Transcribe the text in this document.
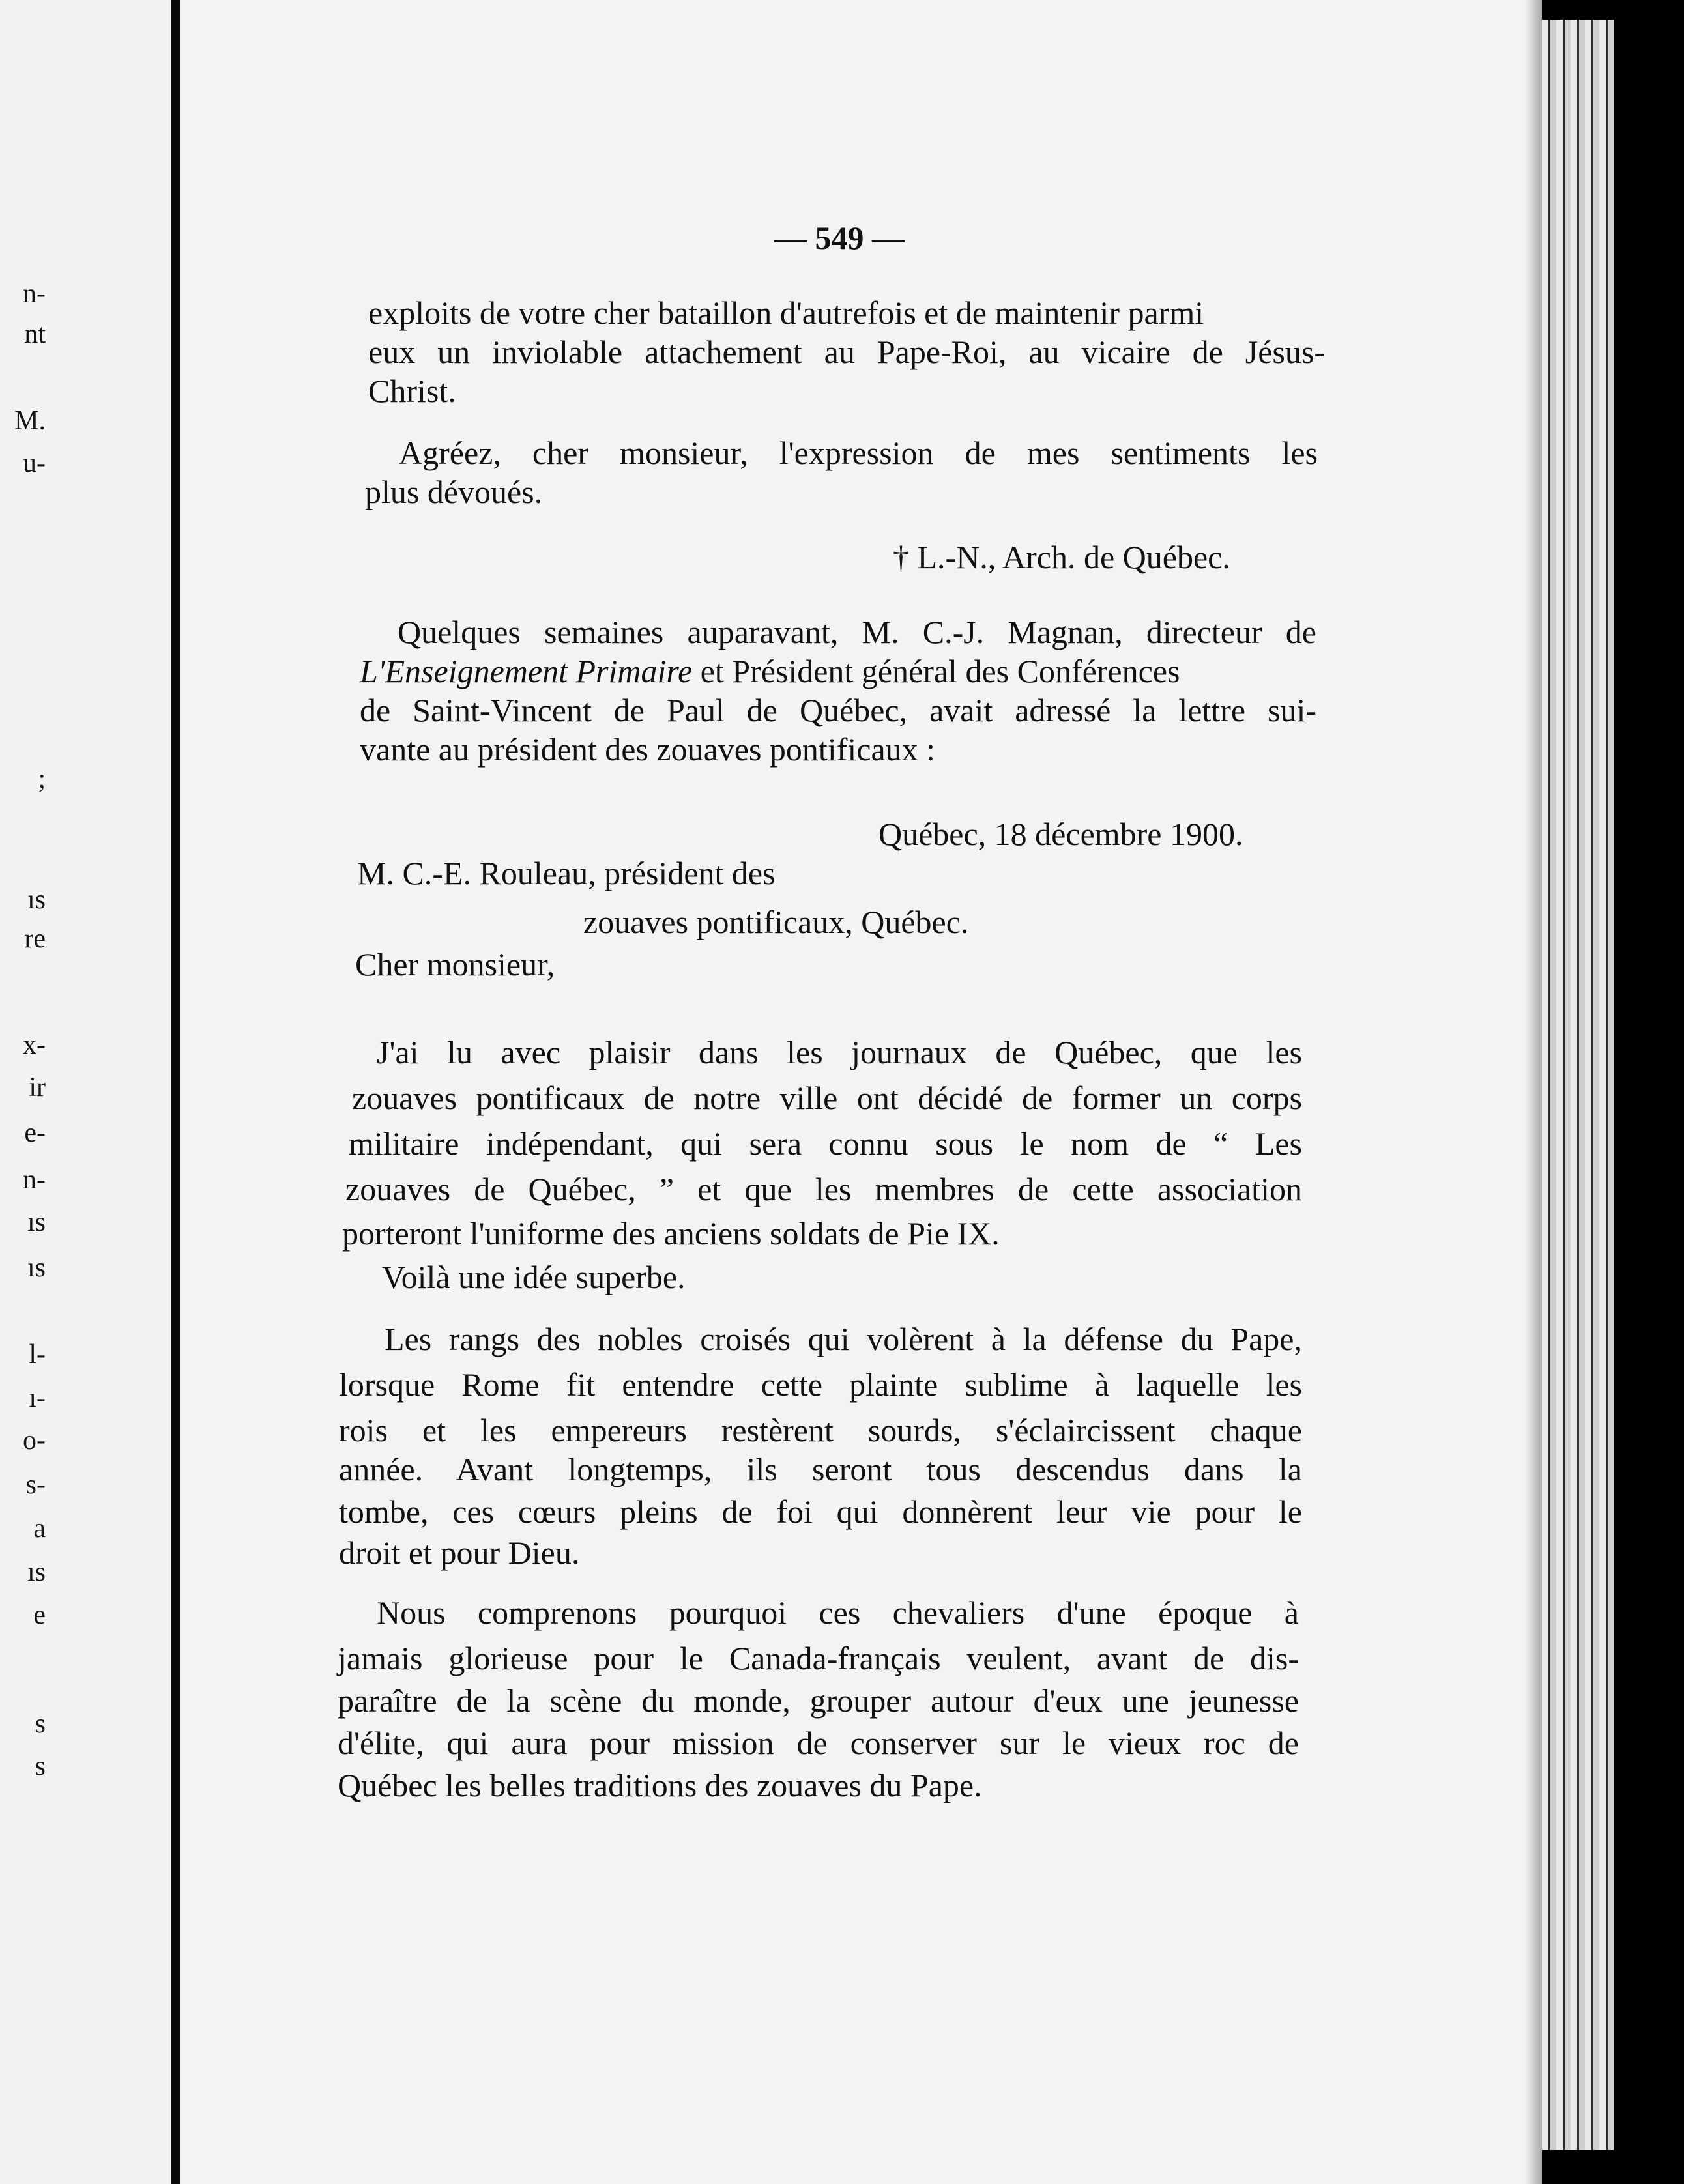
n-
nt
M.
u-
;
ıs
re
x-
ir
e-
n-
ıs
ıs
l-
ı-
o-
s-
a
ıs
e
s
s
— 549 —
exploits de votre cher bataillon d'autrefois et de maintenir parmi
eux un inviolable attachement au Pape-Roi, au vicaire de Jésus-
Christ.
Agréez, cher monsieur, l'expression de mes sentiments les
plus dévoués.
† L.-N., Arch. de Québec.
Quelques semaines auparavant, M. C.-J. Magnan, directeur de
L'Enseignement Primaire et Président général des Conférences
de Saint-Vincent de Paul de Québec, avait adressé la lettre sui-
vante au président des zouaves pontificaux :
Québec, 18 décembre 1900.
M. C.-E. Rouleau, président des
zouaves pontificaux, Québec.
Cher monsieur,
J'ai lu avec plaisir dans les journaux de Québec, que les
zouaves pontificaux de notre ville ont décidé de former un corps
militaire indépendant, qui sera connu sous le nom de “ Les
zouaves de Québec, ” et que les membres de cette association
porteront l'uniforme des anciens soldats de Pie IX.
Voilà une idée superbe.
Les rangs des nobles croisés qui volèrent à la défense du Pape,
lorsque Rome fit entendre cette plainte sublime à laquelle les
rois et les empereurs restèrent sourds, s'éclaircissent chaque
année. Avant longtemps, ils seront tous descendus dans la
tombe, ces cœurs pleins de foi qui donnèrent leur vie pour le
droit et pour Dieu.
Nous comprenons pourquoi ces chevaliers d'une époque à
jamais glorieuse pour le Canada-français veulent, avant de dis-
paraître de la scène du monde, grouper autour d'eux une jeunesse
d'élite, qui aura pour mission de conserver sur le vieux roc de
Québec les belles traditions des zouaves du Pape.
